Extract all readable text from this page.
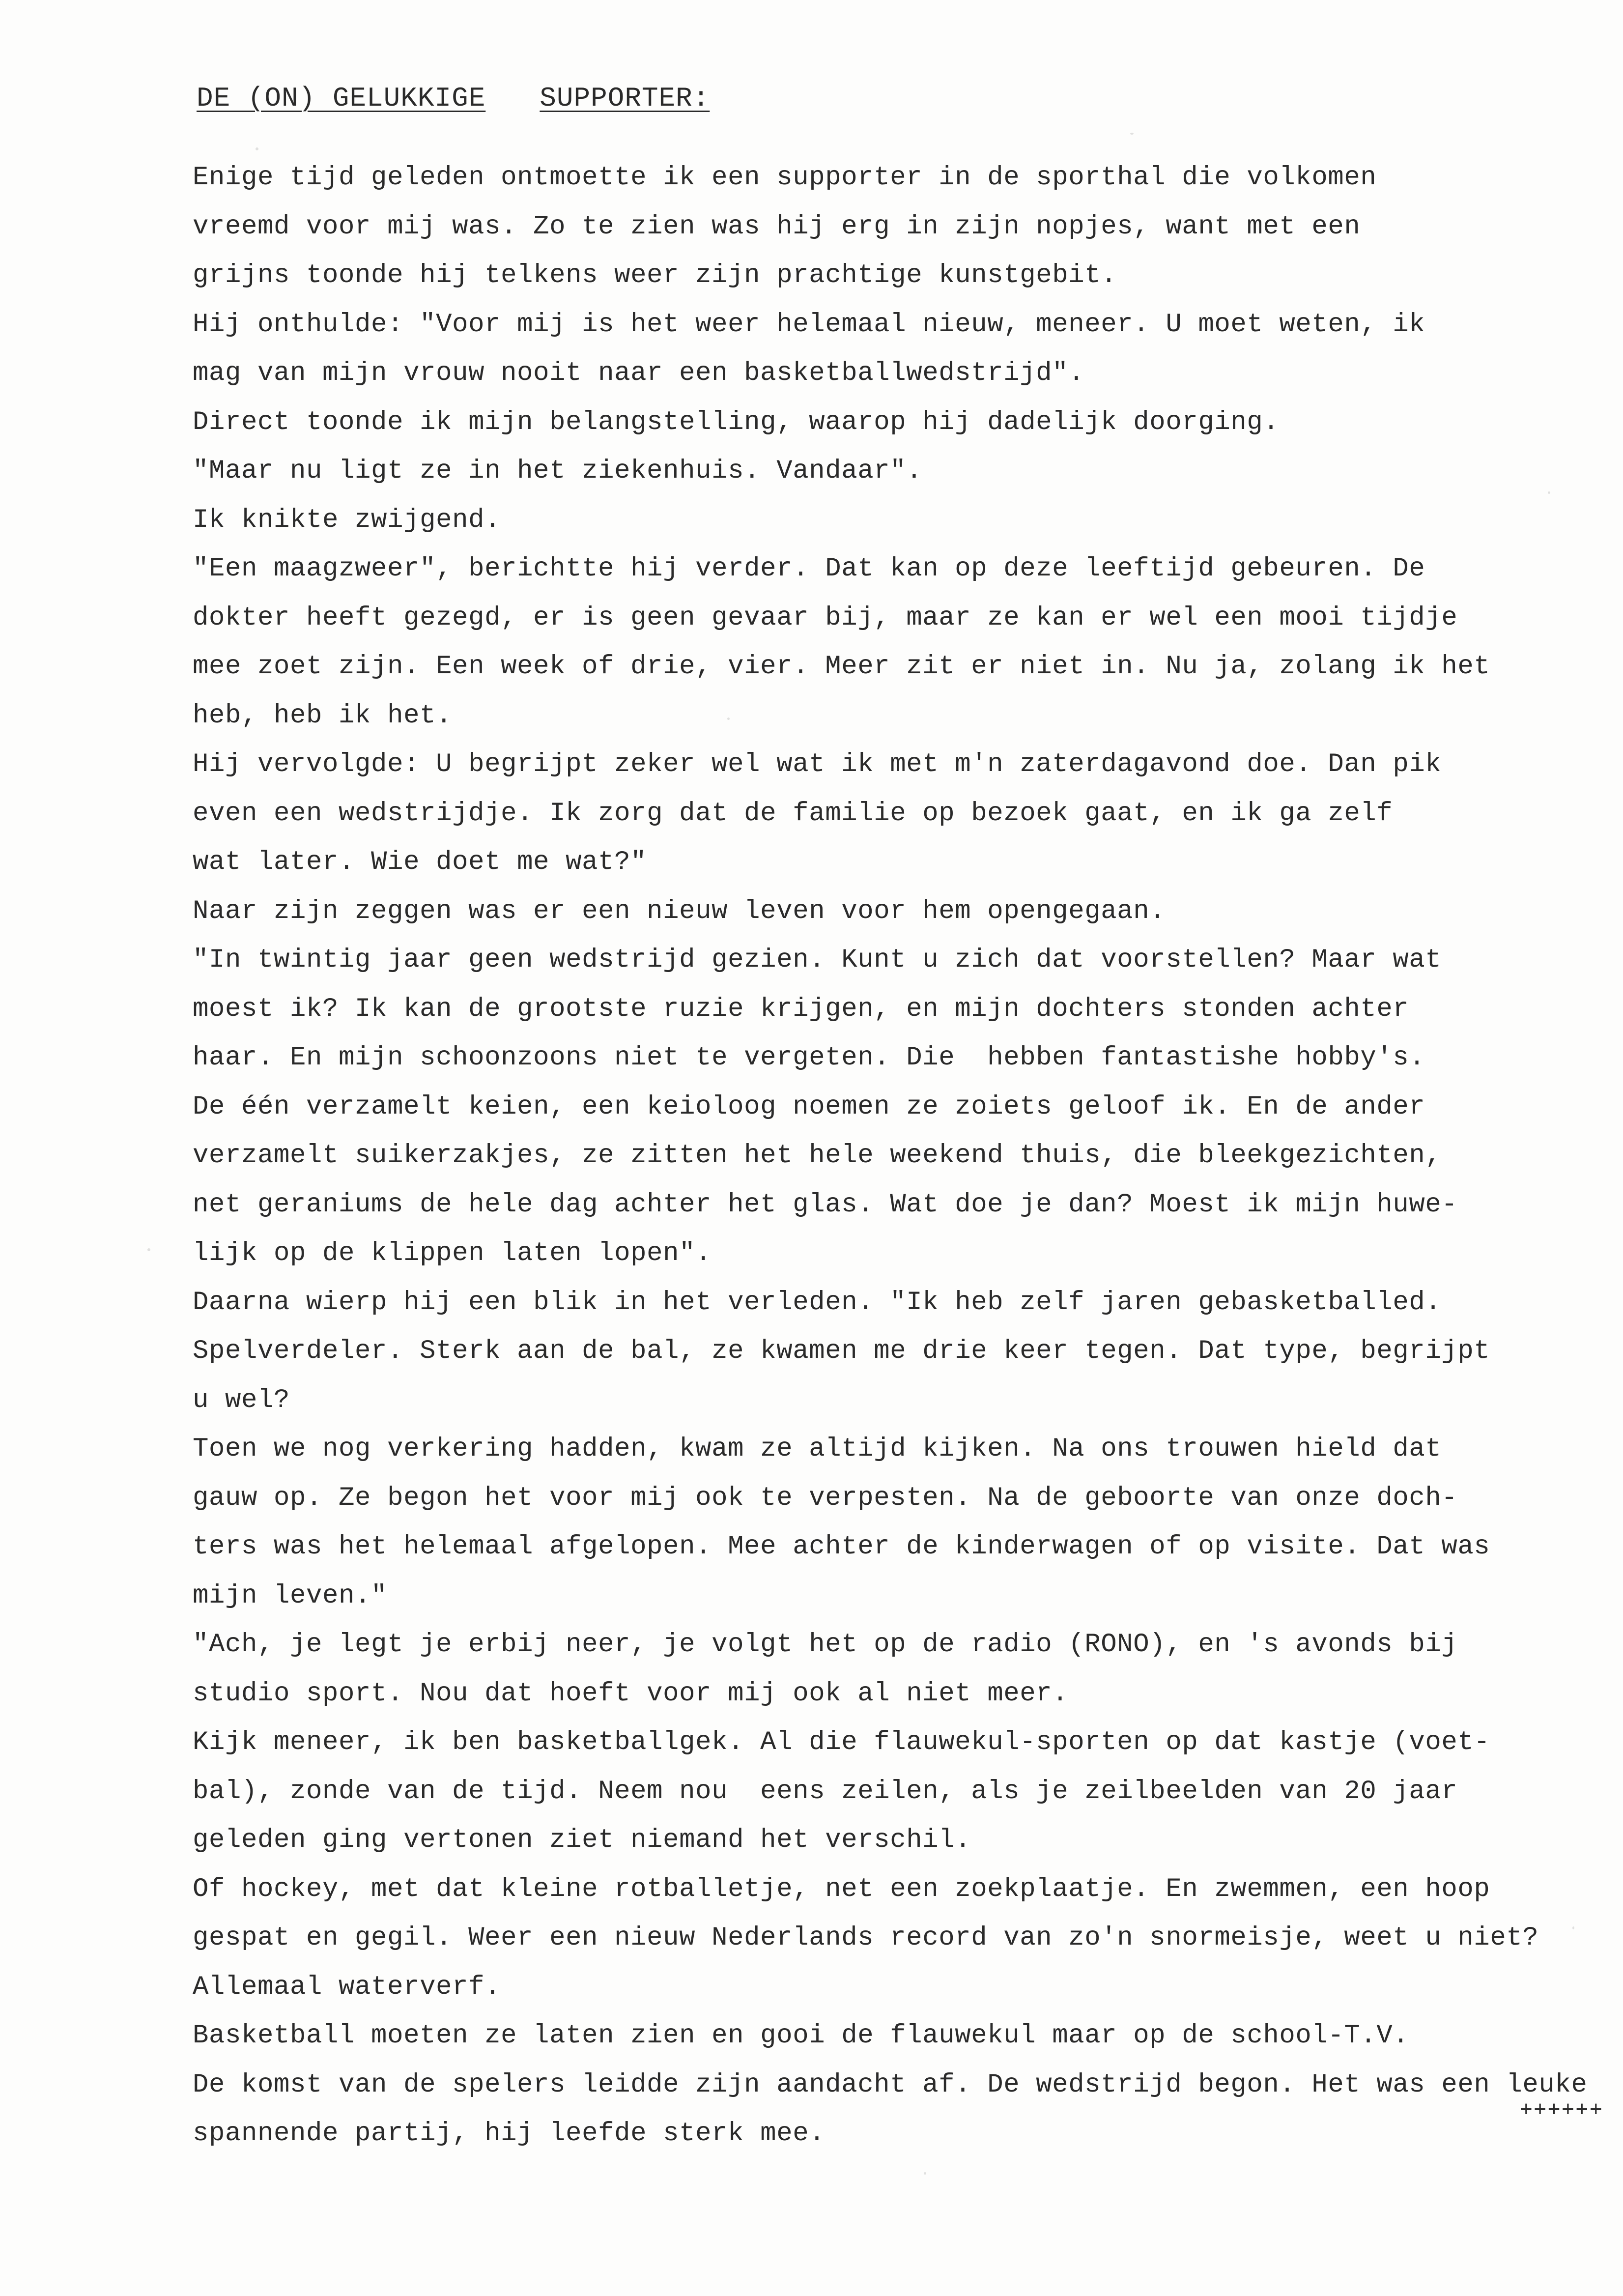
DE (ON) GELUKKIGE SUPPORTER:
Enige tijd geleden ontmoette ik een supporter in de sporthal die volkomen
vreemd voor mij was. Zo te zien was hij erg in zijn nopjes, want met een
grijns toonde hij telkens weer zijn prachtige kunstgebit.
Hij onthulde: "Voor mij is het weer helemaal nieuw, meneer. U moet weten, ik
mag van mijn vrouw nooit naar een basketballwedstrijd".
Direct toonde ik mijn belangstelling, waarop hij dadelijk doorging.
"Maar nu ligt ze in het ziekenhuis. Vandaar".
Ik knikte zwijgend.
"Een maagzweer", berichtte hij verder. Dat kan op deze leeftijd gebeuren. De
dokter heeft gezegd, er is geen gevaar bij, maar ze kan er wel een mooi tijdje
mee zoet zijn. Een week of drie, vier. Meer zit er niet in. Nu ja, zolang ik het
heb, heb ik het.
Hij vervolgde: U begrijpt zeker wel wat ik met m'n zaterdagavond doe. Dan pik
even een wedstrijdje. Ik zorg dat de familie op bezoek gaat, en ik ga zelf
wat later. Wie doet me wat?"
Naar zijn zeggen was er een nieuw leven voor hem opengegaan.
"In twintig jaar geen wedstrijd gezien. Kunt u zich dat voorstellen? Maar wat
moest ik? Ik kan de grootste ruzie krijgen, en mijn dochters stonden achter
haar. En mijn schoonzoons niet te vergeten. Die  hebben fantastishe hobby's.
De één verzamelt keien, een keioloog noemen ze zoiets geloof ik. En de ander
verzamelt suikerzakjes, ze zitten het hele weekend thuis, die bleekgezichten,
net geraniums de hele dag achter het glas. Wat doe je dan? Moest ik mijn huwe-
lijk op de klippen laten lopen".
Daarna wierp hij een blik in het verleden. "Ik heb zelf jaren gebasketballed.
Spelverdeler. Sterk aan de bal, ze kwamen me drie keer tegen. Dat type, begrijpt
u wel?
Toen we nog verkering hadden, kwam ze altijd kijken. Na ons trouwen hield dat
gauw op. Ze begon het voor mij ook te verpesten. Na de geboorte van onze doch-
ters was het helemaal afgelopen. Mee achter de kinderwagen of op visite. Dat was
mijn leven."
"Ach, je legt je erbij neer, je volgt het op de radio (RONO), en 's avonds bij
studio sport. Nou dat hoeft voor mij ook al niet meer.
Kijk meneer, ik ben basketballgek. Al die flauwekul-sporten op dat kastje (voet-
bal), zonde van de tijd. Neem nou  eens zeilen, als je zeilbeelden van 20 jaar
geleden ging vertonen ziet niemand het verschil.
Of hockey, met dat kleine rotballetje, net een zoekplaatje. En zwemmen, een hoop
gespat en gegil. Weer een nieuw Nederlands record van zo'n snormeisje, weet u niet?
Allemaal waterverf.
Basketball moeten ze laten zien en gooi de flauwekul maar op de school-T.V.
De komst van de spelers leidde zijn aandacht af. De wedstrijd begon. Het was een leuke
spannende partij, hij leefde sterk mee.
++++++
